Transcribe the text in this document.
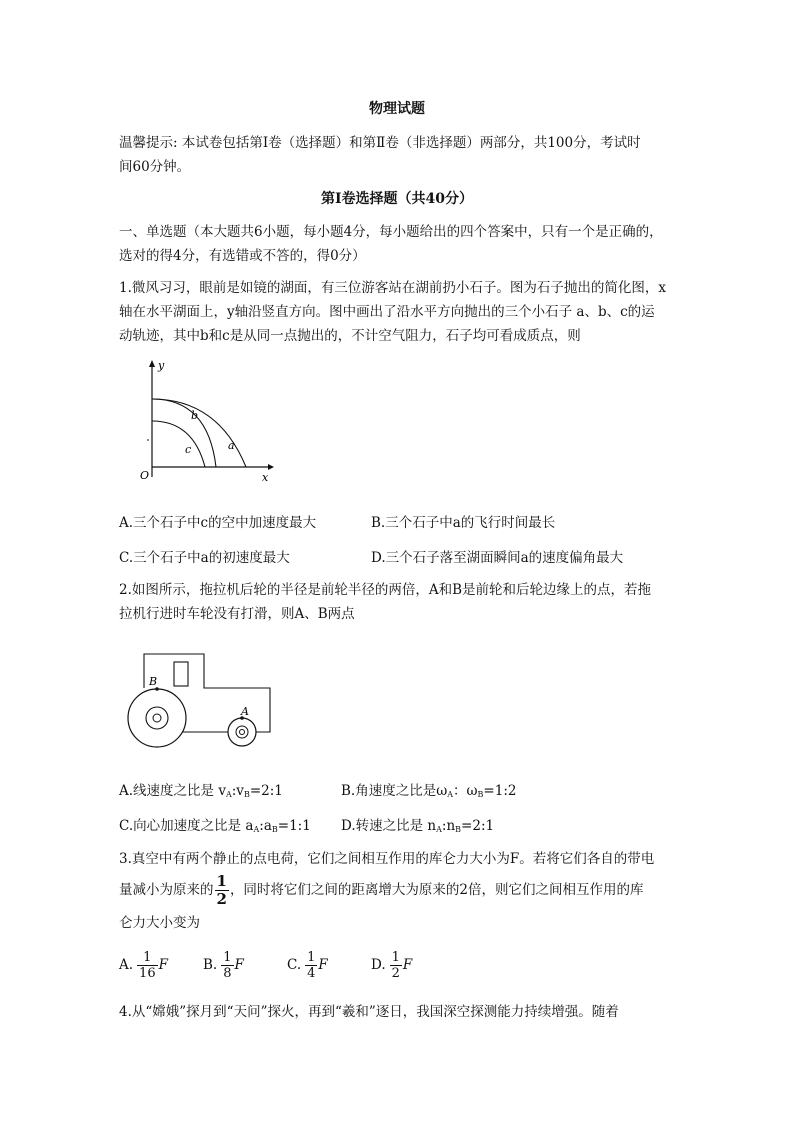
物理试题
温馨提示: 本试卷包括第Ⅰ卷（选择题）和第Ⅱ卷（非选择题）两部分，共100分，考试时
间60分钟。
第Ⅰ卷选择题（共40分）
一、单选题（本大题共6小题，每小题4分，每小题给出的四个答案中，只有一个是正确的，
选对的得4分，有选错或不答的，得0分）
1.微风习习，眼前是如镜的湖面，有三位游客站在湖前扔小石子。图为石子抛出的简化图，x
轴在水平湖面上，y轴沿竖直方向。图中画出了沿水平方向抛出的三个小石子 a、b、c的运
动轨迹，其中b和c是从同一点抛出的，不计空气阻力，石子均可看成质点，则
y
x
O
a
b
c
A.三个石子中c的空中加速度最大	B.三个石子中a的飞行时间最长
C.三个石子中a的初速度最大	D.三个石子落至湖面瞬间a的速度偏角最大
2.如图所示，拖拉机后轮的半径是前轮半径的两倍，A和B是前轮和后轮边缘上的点，若拖
拉机行进时车轮没有打滑，则A、B两点
B
A
A.线速度之比是 $v_A:v_B=2:1$	B.角速度之比是$\omega_A$：$\omega_B=1:2$
C.向心加速度之比是 $a_A:a_B=1:1$ D.转速之比是 $n_A:n_B=2:1$
3.真空中有两个静止的点电荷，它们之间相互作用的库仑力大小为F。若将它们各自的带电
量减小为原来的 $\frac{1}{2}$ ，同时将它们之间的距离增大为原来的2倍，则它们之间相互作用的库
仑力大小变为
A. $\frac{1}{16}$ F	B. $\frac{1}{8}$ F	C. $\frac{1}{4}$ F	D. $\frac{1}{2}$ F
4.从“嫦娥”探月到“天问”探火，再到“羲和”逐日，我国深空探测能力持续增强。随着
